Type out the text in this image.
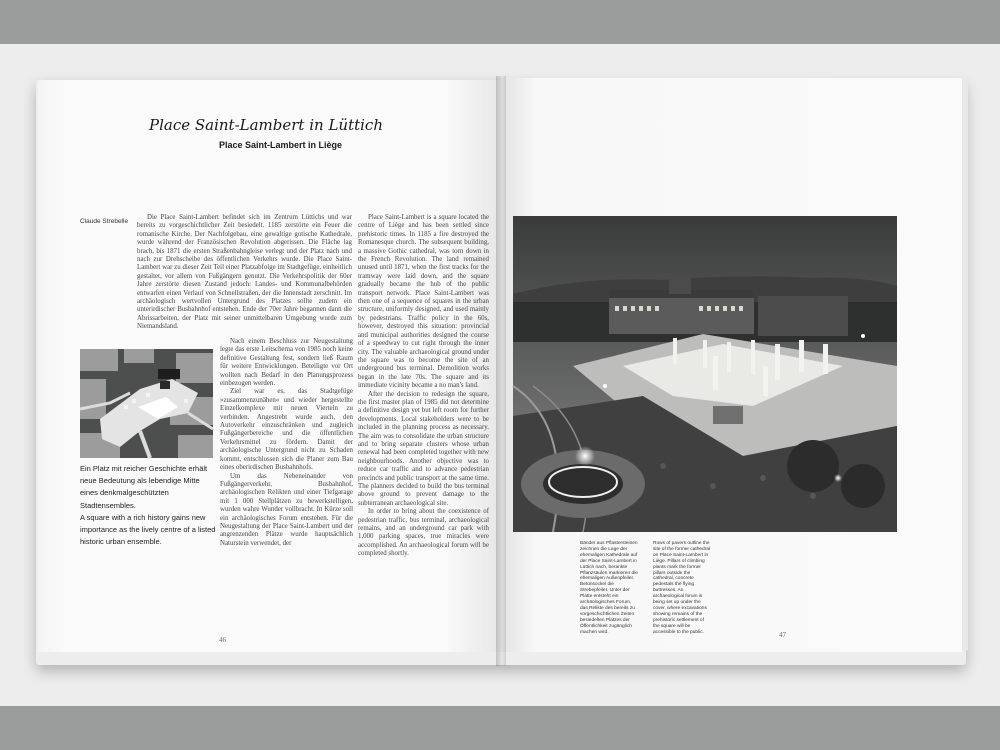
Place Saint-Lambert in Lüttich
Place Saint-Lambert in Liège
Claude Strebelle

Die Place Saint-Lambert befindet sich im Zentrum Lüttichs und war bereits zu vorgeschichtlicher Zeit besiedelt. 1185 zerstörte ein Feuer die romanische Kirche. Der Nachfolgebau, eine gewaltige gotische Kathedrale, wurde während der Französischen Revolution abgerissen. Die Fläche lag brach, bis 1871 die ersten Straßenbahngleise verlegt und der Platz nach und nach zur Drehscheibe des öffentlichen Verkehrs wurde. Die Place Saint-Lambert war zu dieser Zeit Teil einer Platzabfolge im Stadtgefüge, einheitlich gestaltet, vor allem von Fußgängern genutzt. Die Verkehrspolitik der 60er Jahre zerstörte diesen Zustand jedoch: Landes- und Kommunalbehörden entwarfen einen Verlauf von Schnellstraßen, der die Innenstadt zerschnitt. Im archäologisch wertvollen Untergrund des Platzes sollte zudem ein unterirdischer Busbahnhof entstehen. Ende der 70er Jahre begannen dann die Abrissarbeiten, der Platz mit seiner unmittelbaren Umgebung wurde zum Niemandsland.

Ein Platz mit reicher Geschichte erhält neue Bedeutung als lebendige Mitte eines denkmalgeschützten Stadtensembles.

A square with a rich history gains new importance as the lively centre of a listed historic urban ensemble.

Nach einem Beschluss zur Neugestaltung legte das erste Leitschema von 1985 noch keine definitive Gestaltung fest, sondern ließ Raum für weitere Entwicklungen. Beteiligte vor Ort wollten nach Bedarf in den Planungsprozess einbezogen werden.

Ziel war es, das Stadtgefüge »zusammenzunähen« und wieder hergestellte Einzelkomplexe mit neuen Vierteln zu verbinden. Angestrebt wurde auch, den Autoverkehr einzuschränken und zugleich Fußgängerbereiche und die öffentlichen Verkehrsmittel zu fördern. Damit der archäologische Untergrund nicht zu Schaden kommt, entschlossen sich die Planer zum Bau eines oberirdischen Busbahnhofs.

Um das Nebeneinander von Fußgängerverkehr, Busbahnhof, archäologischen Relikten und einer Tiefgarage mit 1 000 Stellplätzen zu bewerkstelligen, wurden wahre Wunder vollbracht. In Kürze soll ein archäologisches Forum entstehen. Für die Neugestaltung der Place Saint-Lambert und der angrenzenden Plätze wurde hauptsächlich Naturstein verwendet, der

Place Saint-Lambert is a square located the centre of Liège and has been settled since prehistoric times. In 1185 a fire destroyed the Romanesque church. The subsequent building, a massive Gothic cathedral, was torn down in the French Revolution. The land remained unused until 1871, when the first tracks for the tramway were laid down, and the square gradually became the hub of the public transport network. Place Saint-Lambert was then one of a sequence of squares in the urban structure, uniformly designed, and used mainly by pedestrians. Traffic policy in the 60s, however, destroyed this situation: provincial and municipal authorities designed the course of a speedway to cut right through the inner city. The valuable archaeological ground under the square was to become the site of an underground bus terminal. Demolition works began in the late 70s. The square and its immediate vicinity became a no man's land.

After the decision to redesign the square, the first master plan of 1985 did not determine a definitive design yet but left room for further developments. Local stakeholders were to be included in the planning process as necessary. The aim was to consolidate the urban structure and to bring separate clusters whose urban renewal had been completed together with new neighbourhoods. Another objective was to reduce car traffic and to advance pedestrian precincts and public transport at the same time. The planners decided to build the bus terminal above ground to prevent damage to the subterranean archaeological site.

In order to bring about the coexistence of pedestrian traffic, bus terminal, archaeological remains, and an underground car park with 1,000 parking spaces, true miracles were accomplished. An archaeological forum will be completed shortly.

Bänder aus Pflastersteinen zeichnen die Lage der ehemaligen Kathedrale auf der Place Saint-Lambert in Lüttich nach, berankte Pflanzsäulen markieren die ehemaligen Außenpfeiler. Betonsockel die Strebepfeiler. Unter der Platte entsteht ein archäologisches Forum, das Relikte des bereits zu vorgeschichtlichen Zeiten besiedelten Platzes der Öffentlichkeit zugänglich machen wird.
Rows of pavers outline the site of the former cathedral on Place Saint-Lambert in Liège. Pillars of climbing plants mark the former pillars outside the cathedral, concrete pedestals the flying buttresses. An archaeological forum is being set up under the cover, where excavations showing remains of the prehistoric settlement of the square will be accessible to the public.
46
47
